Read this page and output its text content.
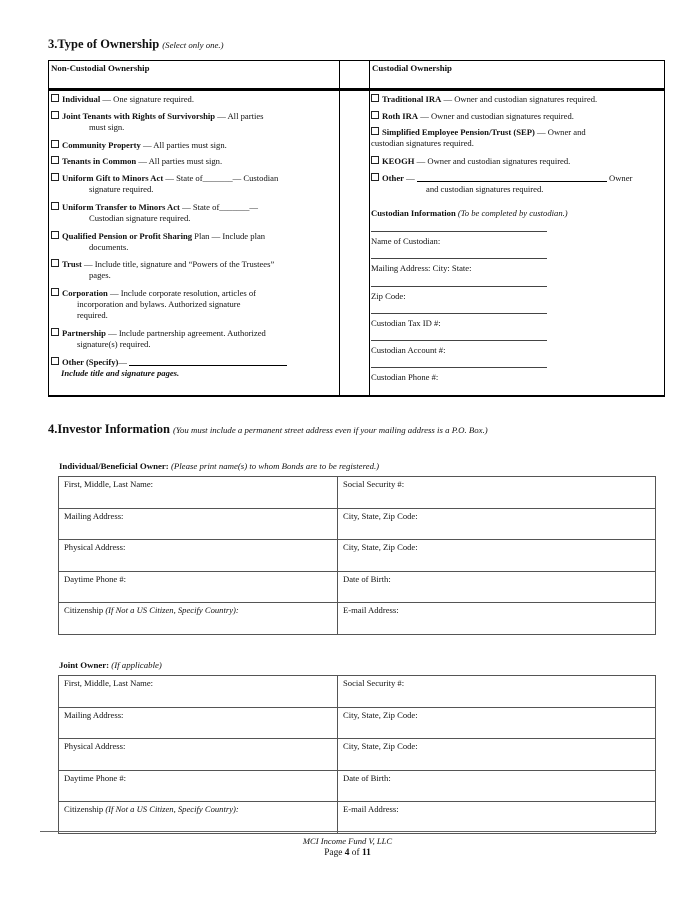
3.Type of Ownership (Select only one.)
Non-Custodial Ownership	Custodial Ownership
Individual — One signature required.
Joint Tenants with Rights of Survivorship — All parties
must sign.
Community Property — All parties must sign.
Tenants in Common — All parties must sign.
Uniform Gift to Minors Act — State of_______— Custodian
signature required.
Uniform Transfer to Minors Act — State of_______—
Custodian signature required.
Qualified Pension or Profit Sharing Plan — Include plan
documents.
Trust — Include title, signature and “Powers of the Trustees”
pages.
Corporation — Include corporate resolution, articles of
incorporation and bylaws. Authorized signature
required.
Partnership — Include partnership agreement. Authorized
signature(s) required.
Other (Specify)—
Include title and signature pages.
Traditional IRA — Owner and custodian signatures required.
Roth IRA — Owner and custodian signatures required.
Simplified Employee Pension/Trust (SEP) — Owner and
custodian signatures required.
KEOGH — Owner and custodian signatures required.
Other —	Owner
and custodian signatures required.
Custodian Information (To be completed by custodian.)
Name of Custodian:
Mailing Address: City: State:
Zip Code:
Custodian Tax ID #:
Custodian Account #:
Custodian Phone #:
4.Investor Information (You must include a permanent street address even if your mailing address is a P.O. Box.)
Individual/Beneficial Owner: (Please print name(s) to whom Bonds are to be registered.)
First, Middle, Last Name:	Social Security #:
Mailing Address:	City, State, Zip Code:
Physical Address:	City, State, Zip Code:
Daytime Phone #:	Date of Birth:
Citizenship (If Not a US Citizen, Specify Country):	E-mail Address:
Joint Owner: (If applicable)
First, Middle, Last Name:	Social Security #:
Mailing Address:	City, State, Zip Code:
Physical Address:	City, State, Zip Code:
Daytime Phone #:	Date of Birth:
Citizenship (If Not a US Citizen, Specify Country):	E-mail Address:
MCI Income Fund V, LLC
Page 4 of 11
